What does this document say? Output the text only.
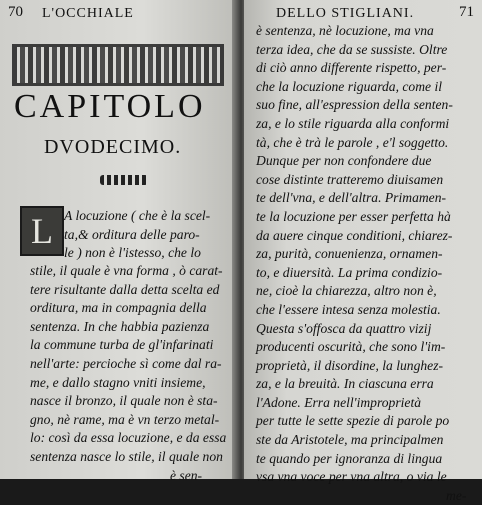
70 L'OCCHIALE
CAPITOLO
DVODECIMO.
L A locuzione ( che è la scel-
ta,& orditura delle paro-
le ) non è l'istesso, che lo
stile, il quale è vna forma , ò carat-
tere risultante dalla detta scelta ed
orditura, ma in compagnia della
sentenza. In che habbia pazienza
la commune turba de gl'infarinati
nell'arte: percioche sì come dal ra-
me, e dallo stagno vniti insieme,
nasce il bronzo, il quale non è sta-
gno, nè rame, ma è vn terzo metal-
lo: così da essa locuzione, e da essa
sentenza nasce lo stile, il quale non
è sen-
DELLO STIGLIANI.	71
è sentenza, nè locuzione, ma vna
terza idea, che da se sussiste. Oltre
di ciò anno differente rispetto, per-
che la locuzione riguarda, come il
suo fine, all'espression della senten-
za, e lo stile riguarda alla conformi
tà, che è trà le parole , e'l soggetto.
Dunque per non confondere due
cose distinte tratteremo diuisamen
te dell'vna, e dell'altra. Primamen-
te la locuzione per esser perfetta hà
da auere cinque conditioni, chiarez-
za, purità, conuenienza, ornamen-
to, e diuersità. La prima condizio-
ne, cioè la chiarezza, altro non è,
che l'essere intesa senza molestia.
Questa s'offosca da quattro vizij
producenti oscurità, che sono l'im-
proprietà, il disordine, la lunghez-
za, e la breuità. In ciascuna erra
l'Adone. Erra nell'improprietà
per tutte le sette spezie di parole po
ste da Aristotele, ma principalmen
te quando per ignoranza di lingua
vsa vna voce per vna altra, o via le
me-
